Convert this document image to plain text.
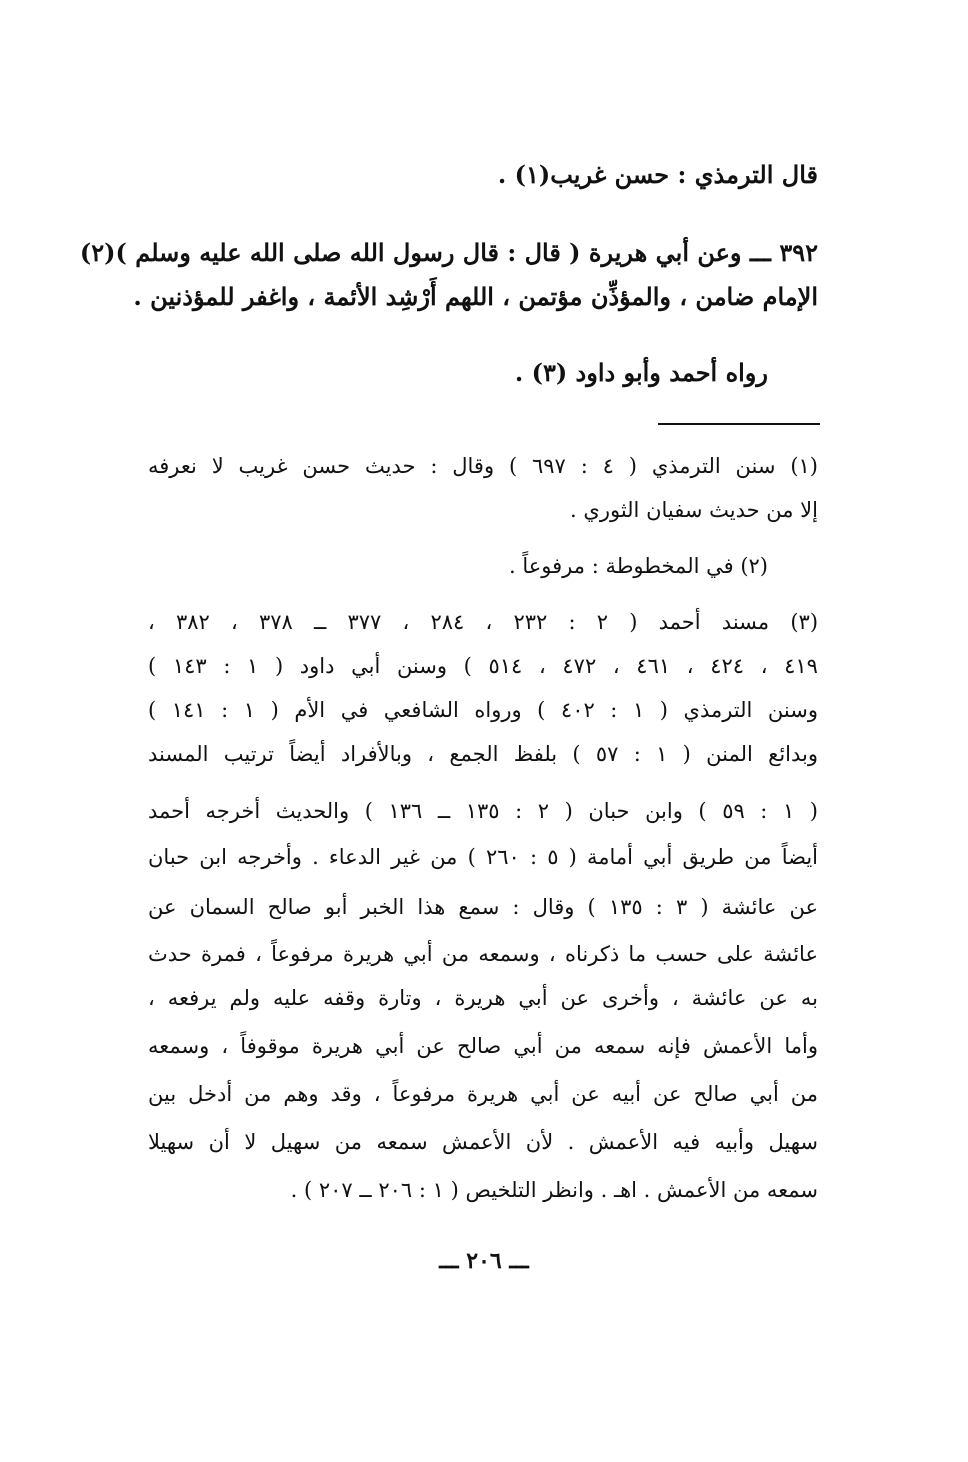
قال الترمذي : حسن غريب(١) .
٣٩٢ ـــ وعن أبي هريرة ( قال : قال رسول الله صلى الله عليه وسلم )(٢)
الإمام ضامن ، والمؤذِّن مؤتمن ، اللهم أَرْشِد الأئمة ، واغفر للمؤذنين .
رواه أحمد وأبو داود (٣) .
(١) سنن الترمذي ( ٤ : ٦٩٧ ) وقال : حديث حسن غريب لا نعرفه
إلا من حديث سفيان الثوري .
(٢) في المخطوطة : مرفوعاً .
(٣) مسند أحمد ( ٢ : ٢٣٢ ، ٢٨٤ ، ٣٧٧ ــ ٣٧٨ ، ٣٨٢ ،
٤١٩ ، ٤٢٤ ، ٤٦١ ، ٤٧٢ ، ٥١٤ ) وسنن أبي داود ( ١ : ١٤٣ )
وسنن الترمذي ( ١ : ٤٠٢ ) ورواه الشافعي في الأم ( ١ : ١٤١ )
وبدائع المنن ( ١ : ٥٧ ) بلفظ الجمع ، وبالأفراد أيضاً ترتيب المسند
( ١ : ٥٩ ) وابن حبان ( ٢ : ١٣٥ ــ ١٣٦ ) والحديث أخرجه أحمد
أيضاً من طريق أبي أمامة ( ٥ : ٢٦٠ ) من غير الدعاء . وأخرجه ابن حبان
عن عائشة ( ٣ : ١٣٥ ) وقال : سمع هذا الخبر أبو صالح السمان عن
عائشة على حسب ما ذكرناه ، وسمعه من أبي هريرة مرفوعاً ، فمرة حدث
به عن عائشة ، وأخرى عن أبي هريرة ، وتارة وقفه عليه ولم يرفعه ،
وأما الأعمش فإنه سمعه من أبي صالح عن أبي هريرة موقوفاً ، وسمعه
من أبي صالح عن أبيه عن أبي هريرة مرفوعاً ، وقد وهم من أدخل بين
سهيل وأبيه فيه الأعمش . لأن الأعمش سمعه من سهيل لا أن سهيلا
سمعه من الأعمش . اهـ . وانظر التلخيص ( ١ : ٢٠٦ ــ ٢٠٧ ) .
ـــ ٢٠٦ ـــ
